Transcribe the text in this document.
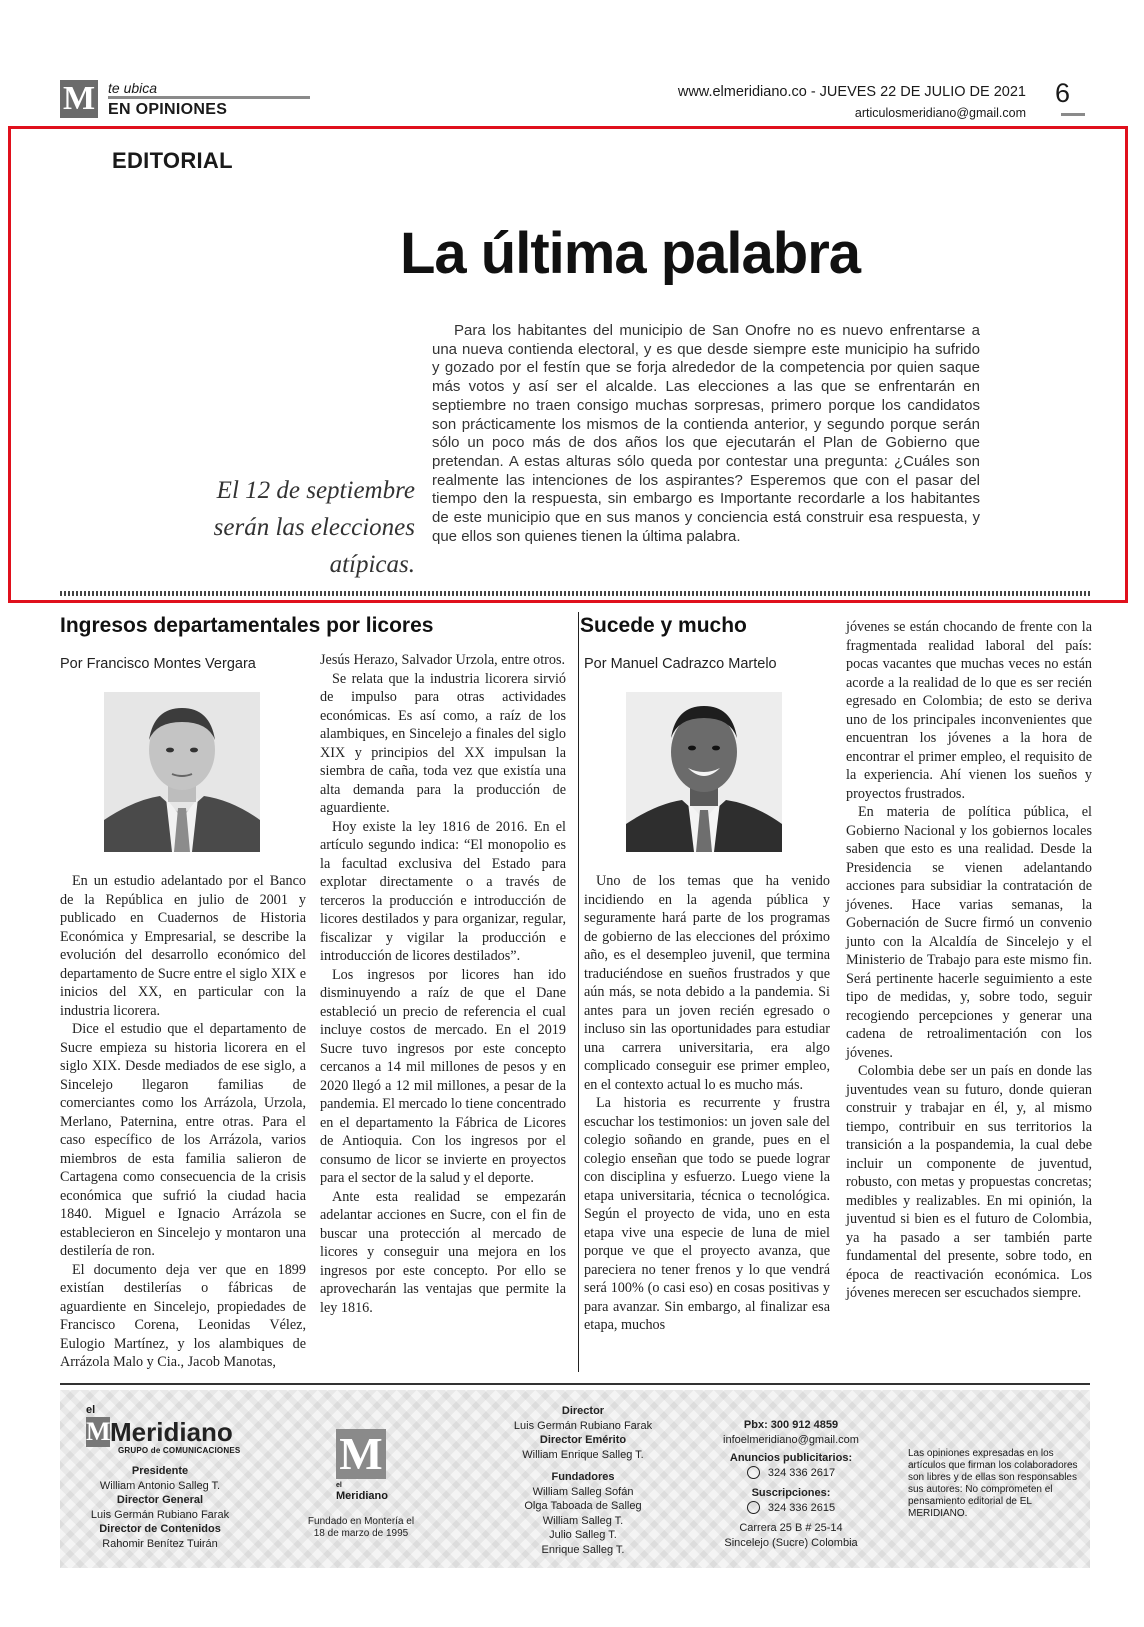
M te ubica
EN OPINIONES
www.elmeridiano.co - JUEVES 22 DE JULIO DE 2021
articulosmeridiano@gmail.com
6
EDITORIAL
La última palabra
El 12 de septiembre serán las elecciones atípicas.

Para los habitantes del municipio de San Onofre no es nuevo enfrentarse a una nueva contienda electoral, y es que desde siempre este municipio ha sufrido y gozado por el festín que se forja alrededor de la competencia por quien saque más votos y así ser el alcalde. Las elecciones a las que se enfrentarán en septiembre no traen consigo muchas sorpresas, primero porque los candidatos son prácticamente los mismos de la contienda anterior, y segundo porque serán sólo un poco más de dos años los que ejecutarán el Plan de Gobierno que pretendan. A estas alturas sólo queda por contestar una pregunta: ¿Cuáles son realmente las intenciones de los aspirantes? Esperemos que con el pasar del tiempo den la respuesta, sin embargo es Importante recordarle a los habitantes de este municipio que en sus manos y conciencia está construir esa respuesta, y que ellos son quienes tienen la última palabra.

Ingresos departamentales por licores
Por Francisco Montes Vergara

En un estudio adelantado por el Banco de la República en julio de 2001 y publicado en Cuadernos de Historia Económica y Empresarial, se describe la evolución del desarrollo económico del departamento de Sucre entre el siglo XIX e inicios del XX, en particular con la industria licorera.

Dice el estudio que el departamento de Sucre empieza su historia licorera en el siglo XIX. Desde mediados de ese siglo, a Sincelejo llegaron familias de comerciantes como los Arrázola, Urzola, Merlano, Paternina, entre otras. Para el caso específico de los Arrázola, varios miembros de esta familia salieron de Cartagena como consecuencia de la crisis económica que sufrió la ciudad hacia 1840. Miguel e Ignacio Arrázola se establecieron en Sincelejo y montaron una destilería de ron.

El documento deja ver que en 1899 existían destilerías o fábricas de aguardiente en Sincelejo, propiedades de Francisco Corena, Leonidas Vélez, Eulogio Martínez, y los alambiques de Arrázola Malo y Cia., Jacob Manotas,

Jesús Herazo, Salvador Urzola, entre otros.

Se relata que la industria licorera sirvió de impulso para otras actividades económicas. Es así como, a raíz de los alambiques, en Sincelejo a finales del siglo XIX y principios del XX impulsan la siembra de caña, toda vez que existía una alta demanda para la producción de aguardiente.

Hoy existe la ley 1816 de 2016. En el artículo segundo indica: “El monopolio es la facultad exclusiva del Estado para explotar directamente o a través de terceros la producción e introducción de licores destilados y para organizar, regular, fiscalizar y vigilar la producción e introducción de licores destilados”.

Los ingresos por licores han ido disminuyendo a raíz de que el Dane estableció un precio de referencia el cual incluye costos de mercado. En el 2019 Sucre tuvo ingresos por este concepto cercanos a 14 mil millones de pesos y en 2020 llegó a 12 mil millones, a pesar de la pandemia. El mercado lo tiene concentrado en el departamento la Fábrica de Licores de Antioquia. Con los ingresos por el consumo de licor se invierte en proyectos para el sector de la salud y el deporte.

Ante esta realidad se empezarán adelantar acciones en Sucre, con el fin de buscar una protección al mercado de licores y conseguir una mejora en los ingresos por este concepto. Por ello se aprovecharán las ventajas que permite la ley 1816.

Sucede y mucho
Por Manuel Cadrazco Martelo

Uno de los temas que ha venido incidiendo en la agenda pública y seguramente hará parte de los programas de gobierno de las elecciones del próximo año, es el desempleo juvenil, que termina traduciéndose en sueños frustrados y que aún más, se nota debido a la pandemia. Si antes para un joven recién egresado o incluso sin las oportunidades para estudiar una carrera universitaria, era algo complicado conseguir ese primer empleo, en el contexto actual lo es mucho más.

La historia es recurrente y frustra escuchar los testimonios: un joven sale del colegio soñando en grande, pues en el colegio enseñan que todo se puede lograr con disciplina y esfuerzo. Luego viene la etapa universitaria, técnica o tecnológica. Según el proyecto de vida, uno en esta etapa vive una especie de luna de miel porque ve que el proyecto avanza, que pareciera no tener frenos y lo que vendrá será 100% (o casi eso) en cosas positivas y para avanzar. Sin embargo, al finalizar esa etapa, muchos

jóvenes se están chocando de frente con la fragmentada realidad laboral del país: pocas vacantes que muchas veces no están acorde a la realidad de lo que es ser recién egresado en Colombia; de esto se deriva uno de los principales inconvenientes que encuentran los jóvenes a la hora de encontrar el primer empleo, el requisito de la experiencia. Ahí vienen los sueños y proyectos frustrados.

En materia de política pública, el Gobierno Nacional y los gobiernos locales saben que esto es una realidad. Desde la Presidencia se vienen adelantando acciones para subsidiar la contratación de jóvenes. Hace varias semanas, la Gobernación de Sucre firmó un convenio junto con la Alcaldía de Sincelejo y el Ministerio de Trabajo para este mismo fin. Será pertinente hacerle seguimiento a este tipo de medidas, y, sobre todo, seguir recogiendo percepciones y generar una cadena de retroalimentación con los jóvenes.

Colombia debe ser un país en donde las juventudes vean su futuro, donde quieran construir y trabajar en él, y, al mismo tiempo, contribuir en sus territorios la transición a la pospandemia, la cual debe incluir un componente de juventud, robusto, con metas y propuestas concretas; medibles y realizables. En mi opinión, la juventud si bien es el futuro de Colombia, ya ha pasado a ser también parte fundamental del presente, sobre todo, en época de reactivación económica. Los jóvenes merecen ser escuchados siempre.

el
MMeridiano
GRUPO de COMUNICACIONES
Presidente
William Antonio Salleg T.
Director General
Luis Germán Rubiano Farak
Director de Contenidos
Rahomir Benítez Tuirán
M
el
Meridiano
Fundado en Montería el 18 de marzo de 1995
Director
Luis Germán Rubiano Farak
Director Emérito
William Enrique Salleg T.
Fundadores
William Salleg Sofán
Olga Taboada de Salleg
William Salleg T.
Julio Salleg T.
Enrique Salleg T.
Pbx: 300 912 4859
infoelmeridiano@gmail.com
Anuncios publicitarios:
324 336 2617
Suscripciones:
324 336 2615
Carrera 25 B # 25-14
Sincelejo (Sucre) Colombia
Las opiniones expresadas en los artículos que firman los colaboradores son libres y de ellas son responsables sus autores: No comprometen el pensamiento editorial de EL MERIDIANO.
